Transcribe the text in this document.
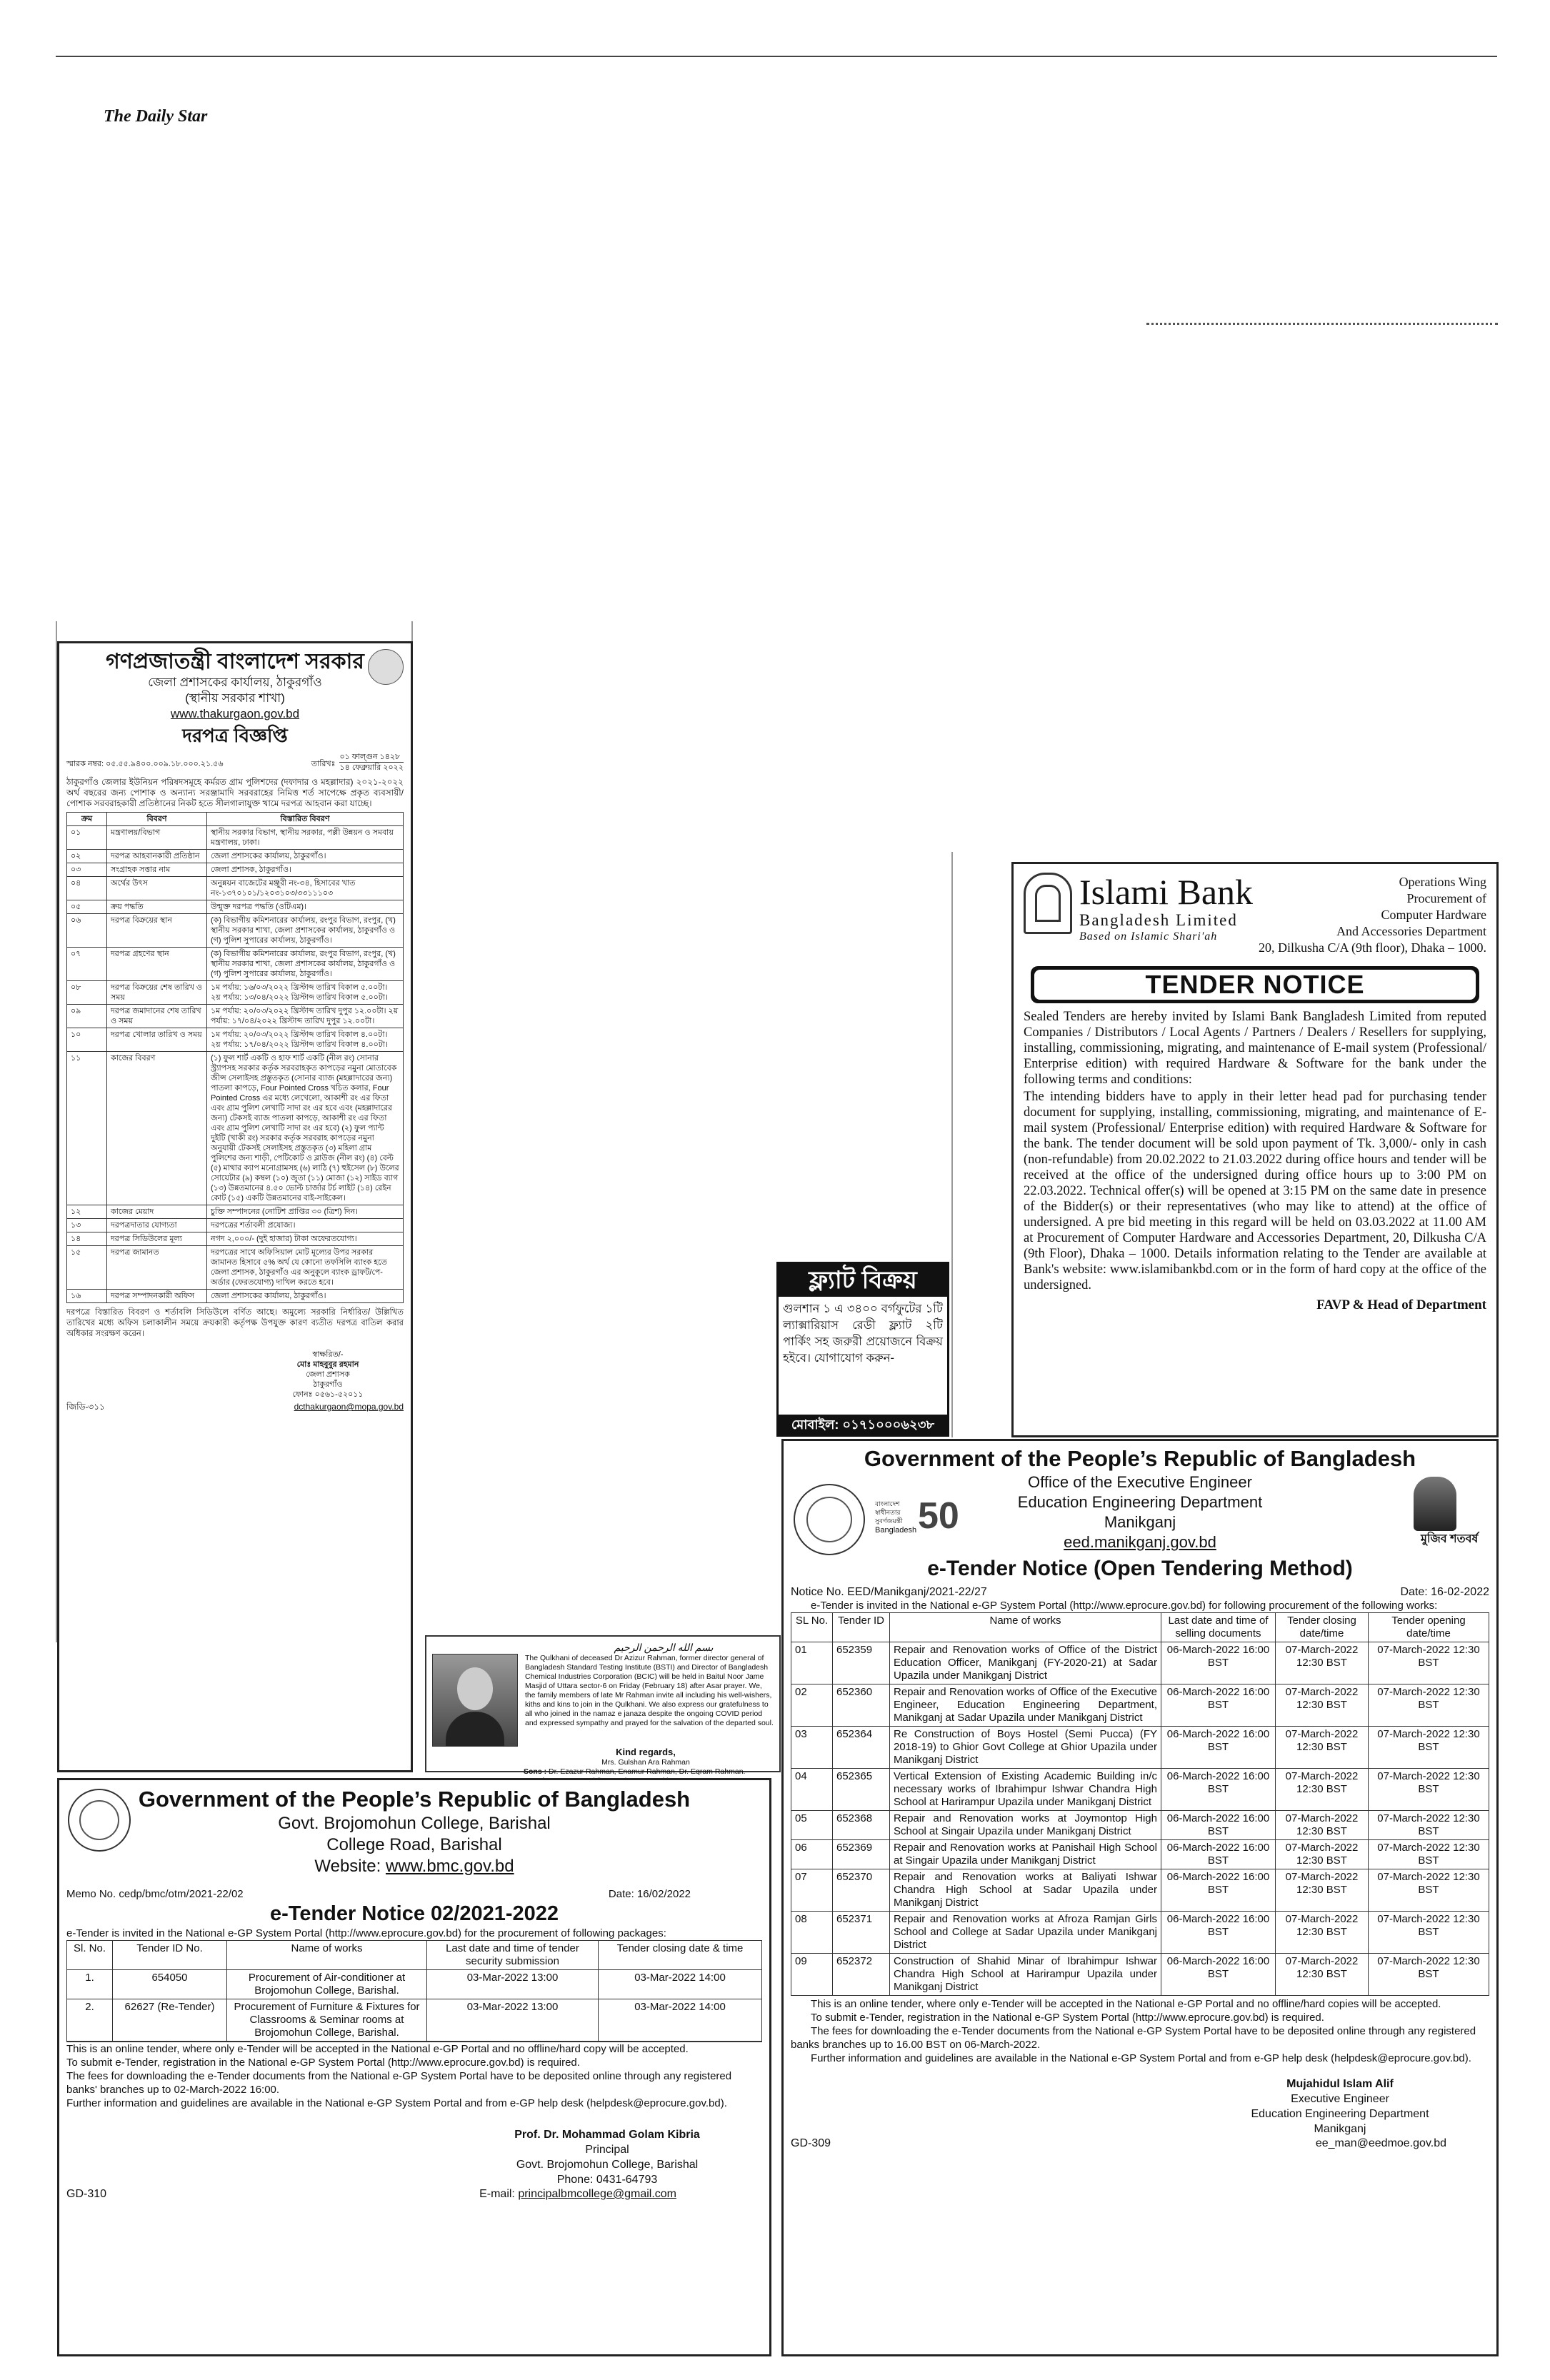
The Daily Star
গণপ্রজাতন্ত্রী বাংলাদেশ সরকার
জেলা প্রশাসকের কার্যালয়, ঠাকুরগাঁও
(স্থানীয় সরকার শাখা)
www.thakurgaon.gov.bd
দরপত্র বিজ্ঞপ্তি
স্মারক নম্বর: ০৫.৫৫.৯৪০০.০০৯.১৮.০০০.২১.৫৬	তারিখঃ
০১ ফাল্গুন ১৪২৮
১৪ ফেব্রুয়ারি ২০২২
ঠাকুরগাঁও জেলার ইউনিয়ন পরিষদসমূহে কর্মরত গ্রাম পুলিশদের (দফাদার ও মহল্লাদার) ২০২১-২০২২ অর্থ বছরের জন্য পোশাক ও অন্যান্য সরঞ্জামাদি সরবরাহের নিমিত্ত শর্ত সাপেক্ষে প্রকৃত ব্যবসায়ী/পোশাক সরবরাহকারী প্রতিষ্ঠানের নিকট হতে সীলগালাযুক্ত খামে দরপত্র আহবান করা যাচ্ছে।
ক্রম	বিবরণ	বিস্তারিত বিবরণ
০১	মন্ত্রণালয়/বিভাগ	স্থানীয় সরকার বিভাগ, স্থানীয় সরকার, পল্লী উন্নয়ন ও সমবায় মন্ত্রণালয়, ঢাকা।
০২	দরপত্র আহবানকারী প্রতিষ্ঠান	জেলা প্রশাসকের কার্যালয়, ঠাকুরগাঁও।
০৩	সংগ্রাহক সত্তার নাম	জেলা প্রশাসক, ঠাকুরগাঁও।
০৪	অর্থের উৎস	অনুন্নয়ন বাজেটের মঞ্জুরী নং-৩৪, হিসাবের খাত নং-১৩৭০১০১/১২০৩১০৩/৩৩১১১০৩
০৫	ক্রয় পদ্ধতি	উন্মুক্ত দরপত্র পদ্ধতি (ওটিএম)।
০৬	দরপত্র বিক্রয়ের স্থান	(ক) বিভাগীয় কমিশনারের কার্যালয়, রংপুর বিভাগ, রংপুর, (খ) স্থানীয় সরকার শাখা, জেলা প্রশাসকের কার্যালয়, ঠাকুরগাঁও ও (গ) পুলিশ সুপারের কার্যালয়, ঠাকুরগাঁও।
০৭	দরপত্র গ্রহণের স্থান	(ক) বিভাগীয় কমিশনারের কার্যালয়, রংপুর বিভাগ, রংপুর, (খ) স্থানীয় সরকার শাখা, জেলা প্রশাসকের কার্যালয়, ঠাকুরগাঁও ও (গ) পুলিশ সুপারের কার্যালয়, ঠাকুরগাঁও।
০৮	দরপত্র বিক্রয়ের শেষ তারিখ ও সময়	১ম পর্যায়: ১৬/০৩/২০২২ খ্রিস্টাব্দ তারিখ বিকাল ৫.০০টা। ২য় পর্যায়: ১৩/০৪/২০২২ খ্রিস্টাব্দ তারিখ বিকাল ৫.০০টা।
০৯	দরপত্র জমাদানের শেষ তারিখ ও সময়	১ম পর্যায়: ২০/০৩/২০২২ খ্রিস্টাব্দ তারিখ দুপুর ১২.০০টা। ২য় পর্যায়: ১৭/০৪/২০২২ খ্রিস্টাব্দ তারিখ দুপুর ১২.০০টা।
১০	দরপত্র খোলার তারিখ ও সময়	১ম পর্যায়: ২০/০৩/২০২২ খ্রিস্টাব্দ তারিখ বিকাল ৪.০০টা। ২য় পর্যায়: ১৭/০৪/২০২২ খ্রিস্টাব্দ তারিখ বিকাল ৪.০০টা।
১১	কাজের বিবরণ	(১) ফুল শার্ট একটি ও হাফ শার্ট একটি (নীল রং) সোনার স্ট্র্যাপসহ সরকার কর্তৃক সরবরাহকৃত কাপড়ের নমুনা মোতাবেক জীন্স সেলাইসহ প্রস্তুতকৃত (সোনার ব্যাজ (মহল্লাদারের জন্য) পাতলা কাপড়ে, Four Pointed Cross খচিত কলার, Four Pointed Cross এর মধ্যে লেখেলো, আকাশী রং এর ফিতা এবং গ্রাম পুলিশ লেখাটি সাদা রং এর হবে এবং (মহল্লাদারের জন্য) টেকসই ব্যাজ পাতলা কাপড়ে, আকাশী রং এর ফিতা এবং গ্রাম পুলিশ লেখাটি সাদা রং এর হবে) (২) ফুল প্যান্ট দুইটি (খাকী রং) সরকার কর্তৃক সরবরাহ কাপড়ের নমুনা অনুযায়ী টেকসই সেলাইসহ প্রস্তুতকৃত (৩) মহিলা গ্রাম পুলিশের জন্য শাড়ী, পেটিকোট ও ব্লাউজ (নীল রং) (৪) বেল্ট (৫) মাথার ক্যাপ মনোগ্রামসহ (৬) লাঠি (৭) হুইসেল (৮) উলের সোয়েটার (৯) কম্বল (১০) জুতা (১১) মোজা (১২) সাইড ব্যাগ (১৩) উন্নতমানের ৪.৫০ ভোল্ট চার্জার টর্চ লাইট (১৪) রেইন কোট (১৫) একটি উন্নতমানের বাই-সাইকেল।
১২	কাজের মেয়াদ	চুক্তি সম্পাদনের (নোটিশ প্রাপ্তির ৩০ (ত্রিশ) দিন।
১৩	দরপত্রদাতার যোগ্যতা	দরপত্রের শর্তাবলী প্রযোজ্য।
১৪	দরপত্র সিডিউলের মূল্য	নগদ ২,০০০/- (দুই হাজার) টাকা অফেরতযোগ্য।
১৫	দরপত্র জামানত	দরপত্রের সাথে অফিসিয়াল মোট মূল্যের উপর সরকার জামানত হিসাবে ৫% অর্থ যে কোনো তফসিলি ব্যাংক হতে জেলা প্রশাসক, ঠাকুরগাঁও এর অনুকূলে ব্যাংক ড্রাফট/পে-অর্ডার (ফেরতযোগ্য) দাখিল করতে হবে।
১৬	দরপত্র সম্পাদনকারী অফিস	জেলা প্রশাসকের কার্যালয়, ঠাকুরগাঁও।
দরপত্রে বিস্তারিত বিবরণ ও শর্তাবলি সিডিউলে বর্ণিত আছে। অমুল্যে সরকারি নির্ধারিত/ উল্লিখিত তারিখের মধ্যে অফিস চলাকালীন সময়ে ক্রয়কারী কর্তৃপক্ষ উপযুক্ত কারণ ব্যতীত দরপত্র বাতিল করার অধিকার সংরক্ষণ করেন।
স্বাক্ষরিত/-
মোঃ মাহবুবুর রহমান
জেলা প্রশাসক
ঠাকুরগাঁও
ফোনঃ ০৫৬১-৫২০১১
জিডি-৩১১	dcthakurgaon@mopa.gov.bd
بسم الله الرحمن الرحيم
The Qulkhani of deceased Dr Azizur Rahman, former director general of Bangladesh Standard Testing Institute (BSTI) and Director of Bangladesh Chemical Industries Corporation (BCIC) will be held in Baitul Noor Jame Masjid of Uttara sector-6 on Friday (February 18) after Asar prayer. We, the family members of late Mr Rahman invite all including his well-wishers, kiths and kins to join in the Qulkhani. We also express our gratefulness to all who joined in the namaz e janaza despite the ongoing COVID period and expressed sympathy and prayed for the salvation of the departed soul.
Kind regards,
Mrs. Gulshan Ara Rahman
Sons : Dr. Ezazur Rahman, Enamur Rahman, Dr. Eqram Rahman.
Islami Bank
Bangladesh Limited
Based on Islamic Shari'ah
Operations Wing
Procurement of
Computer Hardware
And Accessories Department
20, Dilkusha C/A (9th floor), Dhaka – 1000.
TENDER NOTICE
Sealed Tenders are hereby invited by Islami Bank Bangladesh Limited from reputed Companies / Distributors / Local Agents / Partners / Dealers / Resellers for supplying, installing, commissioning, migrating, and maintenance of E-mail system (Professional/ Enterprise edition) with required Hardware & Software for the bank under the following terms and conditions:
The intending bidders have to apply in their letter head pad for purchasing tender document for supplying, installing, commissioning, migrating, and maintenance of E-mail system (Professional/ Enterprise edition) with required Hardware & Software for the bank. The tender document will be sold upon payment of Tk. 3,000/- only in cash (non-refundable) from 20.02.2022 to 21.03.2022 during office hours and tender will be received at the office of the undersigned during office hours up to 3:00 PM on 22.03.2022. Technical offer(s) will be opened at 3:15 PM on the same date in presence of the Bidder(s) or their representatives (who may like to attend) at the office of undersigned. A pre bid meeting in this regard will be held on 03.03.2022 at 11.00 AM at Procurement of Computer Hardware and Accessories Department, 20, Dilkusha C/A (9th Floor), Dhaka – 1000. Details information relating to the Tender are available at Bank's website: www.islamibankbd.com or in the form of hard copy at the office of the undersigned.
FAVP & Head of Department
ফ্ল্যাট বিক্রয়
গুলশান ১ এ ৩৪০০ বর্গফুটের ১টি ল্যাক্সারিয়াস রেডী ফ্ল্যাট ২টি পার্কিং সহ জরুরী প্রয়োজনে বিক্রয় হইবে। যোগাযোগ করুন-
মোবাইল: ০১৭১০০০৬২৩৮
Government of the People’s Republic of Bangladesh
Office of the Executive Engineer
Education Engineering Department
Manikganj
eed.manikganj.gov.bd
বাংলাদেশ স্বাধীনতার সুবর্ণজয়ন্তী 50
Bangladesh
মুজিব শতবর্ষ
e-Tender Notice (Open Tendering Method)
Notice No. EED/Manikganj/2021-22/27	Date: 16-02-2022
e-Tender is invited in the National e-GP System Portal (http://www.eprocure.gov.bd) for following procurement of the following works:
SL No.	Tender ID	Name of works	Last date and time of selling documents	Tender closing date/time	Tender opening date/time
01	652359	Repair and Renovation works of Office of the District Education Officer, Manikganj (FY-2020-21) at Sadar Upazila under Manikganj District	06-March-2022 16:00 BST	07-March-2022 12:30 BST	07-March-2022 12:30 BST
02	652360	Repair and Renovation works of Office of the Executive Engineer, Education Engineering Department, Manikganj at Sadar Upazila under Manikganj District	06-March-2022 16:00 BST	07-March-2022 12:30 BST	07-March-2022 12:30 BST
03	652364	Re Construction of Boys Hostel (Semi Pucca) (FY 2018-19) to Ghior Govt College at Ghior Upazila under Manikganj District	06-March-2022 16:00 BST	07-March-2022 12:30 BST	07-March-2022 12:30 BST
04	652365	Vertical Extension of Existing Academic Building in/c necessary works of Ibrahimpur Ishwar Chandra High School at Harirampur Upazila under Manikganj District	06-March-2022 16:00 BST	07-March-2022 12:30 BST	07-March-2022 12:30 BST
05	652368	Repair and Renovation works at Joymontop High School at Singair Upazila under Manikganj District	06-March-2022 16:00 BST	07-March-2022 12:30 BST	07-March-2022 12:30 BST
06	652369	Repair and Renovation works at Panishail High School at Singair Upazila under Manikganj District	06-March-2022 16:00 BST	07-March-2022 12:30 BST	07-March-2022 12:30 BST
07	652370	Repair and Renovation works at Baliyati Ishwar Chandra High School at Sadar Upazila under Manikganj District	06-March-2022 16:00 BST	07-March-2022 12:30 BST	07-March-2022 12:30 BST
08	652371	Repair and Renovation works at Afroza Ramjan Girls School and College at Sadar Upazila under Manikganj District	06-March-2022 16:00 BST	07-March-2022 12:30 BST	07-March-2022 12:30 BST
09	652372	Construction of Shahid Minar of Ibrahimpur Ishwar Chandra High School at Harirampur Upazila under Manikganj District	06-March-2022 16:00 BST	07-March-2022 12:30 BST	07-March-2022 12:30 BST
This is an online tender, where only e-Tender will be accepted in the National e-GP Portal and no offline/hard copies will be accepted.
To submit e-Tender, registration in the National e-GP System Portal (http://www.eprocure.gov.bd) is required.
The fees for downloading the e-Tender documents from the National e-GP System Portal have to be deposited online through any registered banks branches up to 16.00 BST on 06-March-2022.
Further information and guidelines are available in the National e-GP System Portal and from e-GP help desk (helpdesk@eprocure.gov.bd).
Mujahidul Islam Alif
Executive Engineer
Education Engineering Department
Manikganj
GD-309	ee_man@eedmoe.gov.bd
Government of the People’s Republic of Bangladesh
Govt. Brojomohun College, Barishal
College Road, Barishal
Website: www.bmc.gov.bd
Memo No. cedp/bmc/otm/2021-22/02	Date: 16/02/2022
e-Tender Notice 02/2021-2022
e-Tender is invited in the National e-GP System Portal (http://www.eprocure.gov.bd) for the procurement of following packages:
Sl. No.	Tender ID No.	Name of works	Last date and time of tender security submission	Tender closing date & time
1.	654050	Procurement of Air-conditioner at Brojomohun College, Barishal.	03-Mar-2022 13:00	03-Mar-2022 14:00
2.	62627 (Re-Tender)	Procurement of Furniture & Fixtures for Classrooms & Seminar rooms at Brojomohun College, Barishal.	03-Mar-2022 13:00	03-Mar-2022 14:00
This is an online tender, where only e-Tender will be accepted in the National e-GP Portal and no offline/hard copy will be accepted.
To submit e-Tender, registration in the National e-GP System Portal (http://www.eprocure.gov.bd) is required.
The fees for downloading the e-Tender documents from the National e-GP System Portal have to be deposited online through any registered banks' branches up to 02-March-2022 16:00.
Further information and guidelines are available in the National e-GP System Portal and from e-GP help desk (helpdesk@eprocure.gov.bd).
Prof. Dr. Mohammad Golam Kibria
Principal
Govt. Brojomohun College, Barishal
Phone: 0431-64793
GD-310	E-mail: principalbmcollege@gmail.com
